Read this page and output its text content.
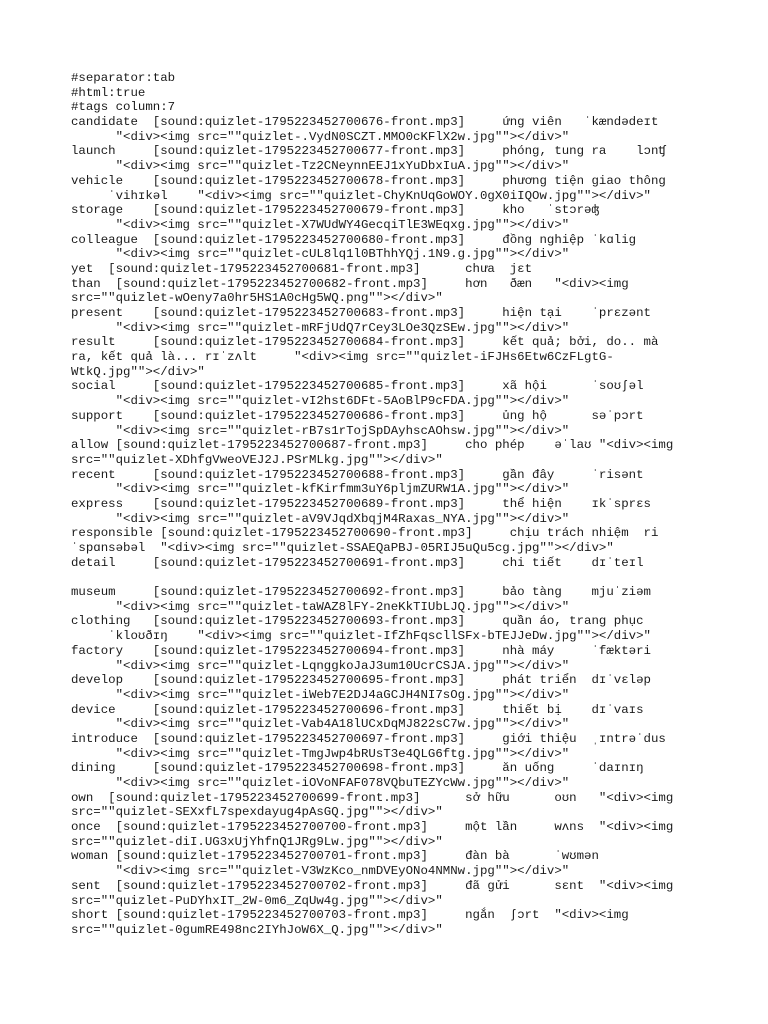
#separator:tab
#html:true
#tags column:7
candidate  [sound:quizlet-1795223452700676-front.mp3]     ứng viên   ˈkændədeɪt
"<div><img src=""quizlet-.VydN0SCZT.MMO0cKFlX2w.jpg""></div>"
launch     [sound:quizlet-1795223452700677-front.mp3]     phóng, tung ra    lɔnʧ
"<div><img src=""quizlet-Tz2CNeynnEEJ1xYuDbxIuA.jpg""></div>"
vehicle    [sound:quizlet-1795223452700678-front.mp3]     phương tiện giao thông
ˈvihɪkəl    "<div><img src=""quizlet-ChyKnUqGoWOY.0gX0iIQOw.jpg""></div>"
storage    [sound:quizlet-1795223452700679-front.mp3]     kho   ˈstɔrəʤ
"<div><img src=""quizlet-X7WUdWY4GecqiTlE3WEqxg.jpg""></div>"
colleague  [sound:quizlet-1795223452700680-front.mp3]     đồng nghiệp ˈkɑlig
"<div><img src=""quizlet-cUL8lq1l0BThhYQj.1N9.g.jpg""></div>"
yet  [sound:quizlet-1795223452700681-front.mp3]      chưa  jɛt
than  [sound:quizlet-1795223452700682-front.mp3]     hơn   ðæn   "<div><img
src=""quizlet-wOeny7a0hr5HS1A0cHg5WQ.png""></div>"
present    [sound:quizlet-1795223452700683-front.mp3]     hiện tại    ˈprɛzənt
"<div><img src=""quizlet-mRFjUdQ7rCey3LOe3QzSEw.jpg""></div>"
result     [sound:quizlet-1795223452700684-front.mp3]     kết quả; bởi, do.. mà
ra, kết quả là... rɪˈzʌlt     "<div><img src=""quizlet-iFJHs6Etw6CzFLgtG-
WtkQ.jpg""></div>"
social     [sound:quizlet-1795223452700685-front.mp3]     xã hội      ˈsoʊʃəl
"<div><img src=""quizlet-vI2hst6DFt-5AoBlP9cFDA.jpg""></div>"
support    [sound:quizlet-1795223452700686-front.mp3]     ủng hộ      səˈpɔrt
"<div><img src=""quizlet-rB7s1rTojSpDAyhscAOhsw.jpg""></div>"
allow [sound:quizlet-1795223452700687-front.mp3]     cho phép    əˈlaʊ "<div><img
src=""quizlet-XDhfgVweoVEJ2J.PSrMLkg.jpg""></div>"
recent     [sound:quizlet-1795223452700688-front.mp3]     gần đây     ˈrisənt
"<div><img src=""quizlet-kfKirfmm3uY6pljmZURW1A.jpg""></div>"
express    [sound:quizlet-1795223452700689-front.mp3]     thể hiện    ɪkˈsprɛs
"<div><img src=""quizlet-aV9VJqdXbqjM4Raxas_NYA.jpg""></div>"
responsible [sound:quizlet-1795223452700690-front.mp3]     chịu trách nhiệm  ri
ˈspɑnsəbəl  "<div><img src=""quizlet-SSAEQaPBJ-05RIJ5uQu5cg.jpg""></div>"
detail     [sound:quizlet-1795223452700691-front.mp3]     chi tiết    dɪˈteɪl
museum     [sound:quizlet-1795223452700692-front.mp3]     bảo tàng    mjuˈziəm
"<div><img src=""quizlet-taWAZ8lFY-2neKkTIUbLJQ.jpg""></div>"
clothing   [sound:quizlet-1795223452700693-front.mp3]     quần áo, trang phục
ˈkloʊðɪŋ    "<div><img src=""quizlet-IfZhFqscllSFx-bTEJJeDw.jpg""></div>"
factory    [sound:quizlet-1795223452700694-front.mp3]     nhà máy     ˈfæktəri
"<div><img src=""quizlet-LqnggkoJaJ3um10UcrCSJA.jpg""></div>"
develop    [sound:quizlet-1795223452700695-front.mp3]     phát triển  dɪˈvɛləp
"<div><img src=""quizlet-iWeb7E2DJ4aGCJH4NI7sOg.jpg""></div>"
device     [sound:quizlet-1795223452700696-front.mp3]     thiết bị    dɪˈvaɪs
"<div><img src=""quizlet-Vab4A18lUCxDqMJ822sC7w.jpg""></div>"
introduce  [sound:quizlet-1795223452700697-front.mp3]     giới thiệu  ˌɪntrəˈdus
"<div><img src=""quizlet-TmgJwp4bRUsT3e4QLG6ftg.jpg""></div>"
dining     [sound:quizlet-1795223452700698-front.mp3]     ăn uống     ˈdaɪnɪŋ
"<div><img src=""quizlet-iOVoNFAF078VQbuTEZYcWw.jpg""></div>"
own  [sound:quizlet-1795223452700699-front.mp3]      sở hữu      oʊn   "<div><img
src=""quizlet-SEXxfL7spexdayug4pAsGQ.jpg""></div>"
once  [sound:quizlet-1795223452700700-front.mp3]     một lần     wʌns  "<div><img
src=""quizlet-diI.UG3xUjYhfnQ1JRg9Lw.jpg""></div>"
woman [sound:quizlet-1795223452700701-front.mp3]     đàn bà      ˈwʊmən
"<div><img src=""quizlet-V3WzKco_nmDVEyONo4NMNw.jpg""></div>"
sent  [sound:quizlet-1795223452700702-front.mp3]     đã gửi      sɛnt  "<div><img
src=""quizlet-PuDYhxIT_2W-0m6_ZqUw4g.jpg""></div>"
short [sound:quizlet-1795223452700703-front.mp3]     ngắn  ʃɔrt  "<div><img
src=""quizlet-0gumRE498nc2IYhJoW6X_Q.jpg""></div>"
